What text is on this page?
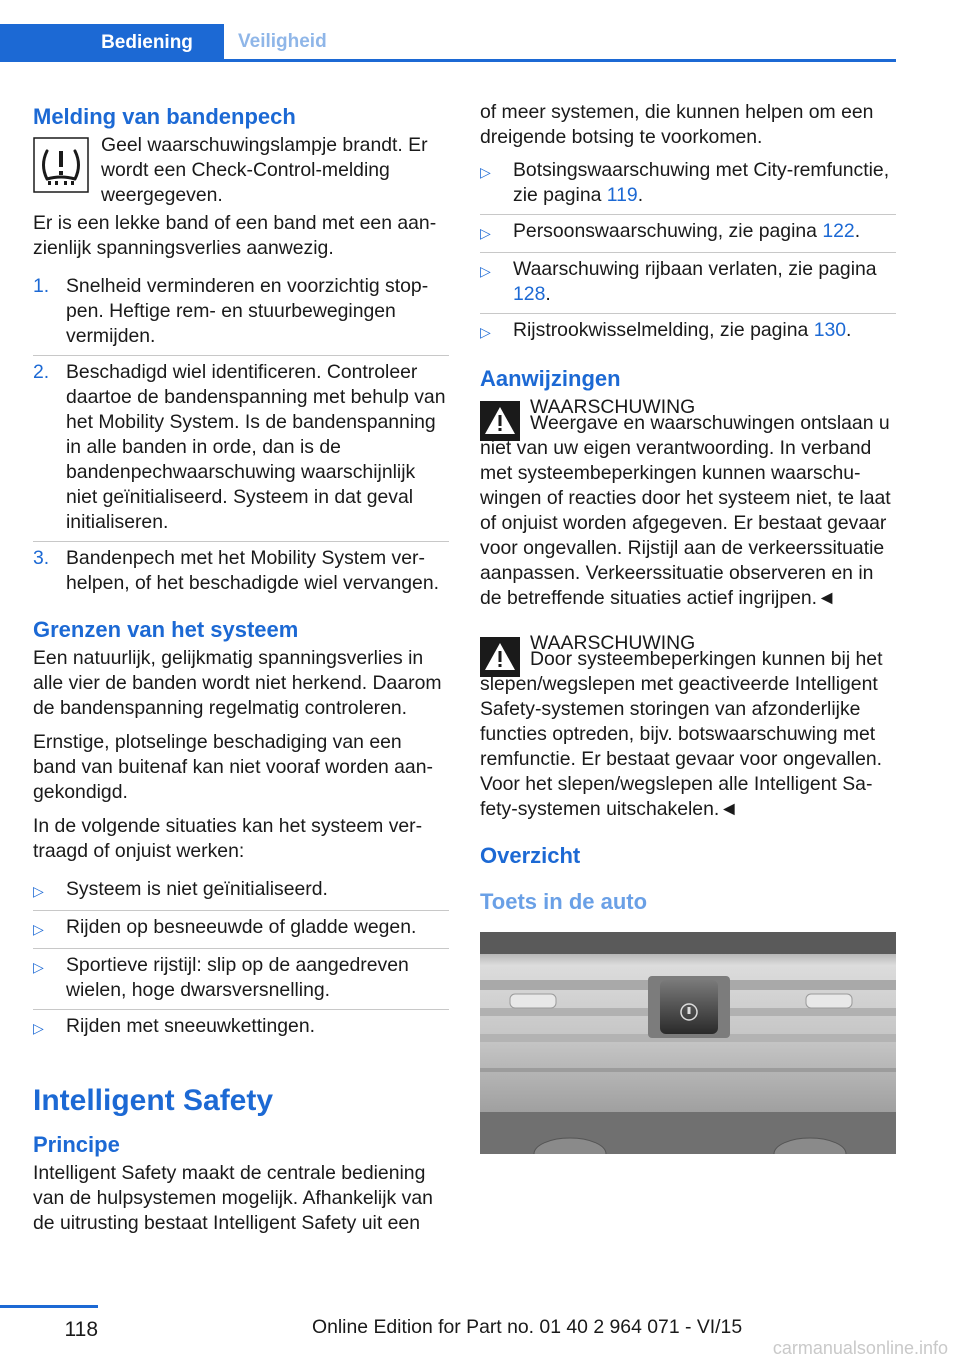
Bediening	Veiligheid
Melding van bandenpech
Geel waarschuwingslampje brandt. Er wordt een Check-Control-melding weergegeven.

Er is een lekke band of een band met een aanzienlijk spanningsverlies aanwezig.

1. Snelheid verminderen en voorzichtig stoppen. Heftige rem- en stuurbewegingen vermijden.
2. Beschadigd wiel identificeren. Controleer daartoe de bandenspanning met behulp van het Mobility System. Is de bandenspanning in alle banden in orde, dan is de bandenpechwaarschuwing waarschijnlijk niet geïnitialiseerd. Systeem in dat geval initialiseren.
3. Bandenpech met het Mobility System verhelpen, of het beschadigde wiel vervangen.
Grenzen van het systeem

Een natuurlijk, gelijkmatig spanningsverlies in alle vier de banden wordt niet herkend. Daarom de bandenspanning regelmatig controleren.

Ernstige, plotselinge beschadiging van een band van buitenaf kan niet vooraf worden aangekondigd.

In de volgende situaties kan het systeem vertraagd of onjuist werken:

▷	Systeem is niet geïnitialiseerd.
▷	Rijden op besneeuwde of gladde wegen.
▷	Sportieve rijstijl: slip op de aangedreven wielen, hoge dwarsversnelling.
▷	Rijden met sneeuwkettingen.
Intelligent Safety
Principe

Intelligent Safety maakt de centrale bediening van de hulpsystemen mogelijk. Afhankelijk van de uitrusting bestaat Intelligent Safety uit een

of meer systemen, die kunnen helpen om een dreigende botsing te voorkomen.

▷	Botsingswaarschuwing met City-remfunctie, zie pagina 119.
▷	Persoonswaarschuwing, zie pagina 122.
▷	Waarschuwing rijbaan verlaten, zie pagina 128.
▷	Rijstrookwisselmelding, zie pagina 130.
Aanwijzingen
WAARSCHUWING
Weergave en waarschuwingen ontslaan u niet van uw eigen verantwoording. In verband met systeembeperkingen kunnen waarschuwingen of reacties door het systeem niet, te laat of onjuist worden afgegeven. Er bestaat gevaar voor ongevallen. Rijstijl aan de verkeerssituatie aanpassen. Verkeerssituatie observeren en in de betreffende situaties actief ingrijpen.◄
WAARSCHUWING
Door systeembeperkingen kunnen bij het slepen/wegslepen met geactiveerde Intelligent Safety-systemen storingen van afzonderlijke functies optreden, bijv. botswaarschuwing met remfunctie. Er bestaat gevaar voor ongevallen. Voor het slepen/wegslepen alle Intelligent Safety-systemen uitschakelen.◄
Overzicht
Toets in de auto
118	Online Edition for Part no. 01 40 2 964 071 - VI/15
carmanualsonline.info
